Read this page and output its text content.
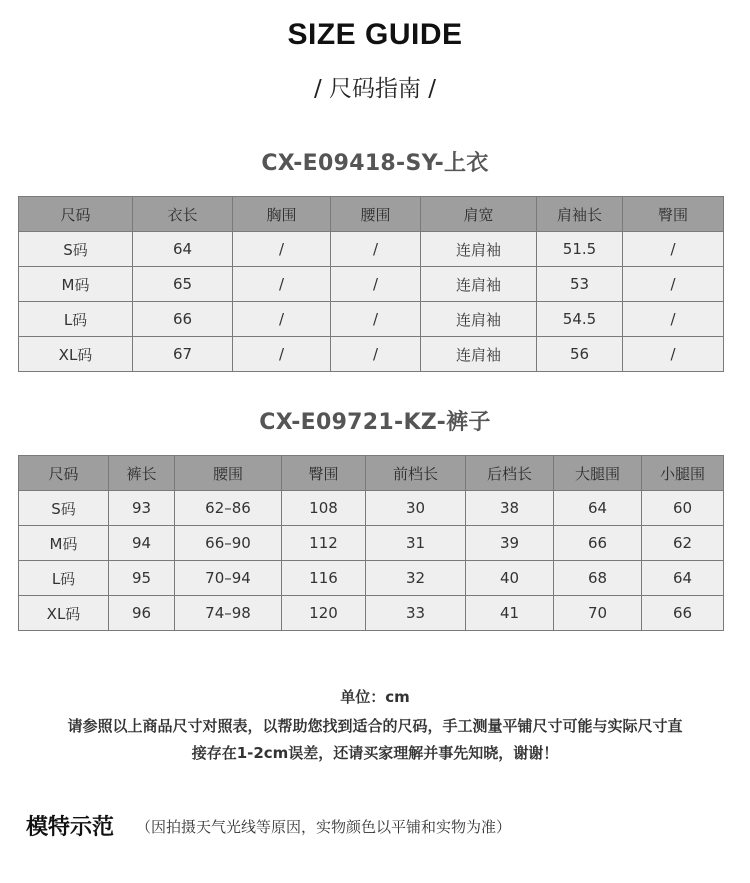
SIZE GUIDE
/ 尺码指南 /
CX-E09418-SY-上衣
尺码	衣长	胸围	腰围	肩宽	肩袖长	臀围
S码	64	/	/	连肩袖	51.5	/
M码	65	/	/	连肩袖	53	/
L码	66	/	/	连肩袖	54.5	/
XL码	67	/	/	连肩袖	56	/
CX-E09721-KZ-裤子
尺码	裤长	腰围	臀围	前档长	后档长	大腿围	小腿围
S码	93	62–86	108	30	38	64	60
M码	94	66–90	112	31	39	66	62
L码	95	70–94	116	32	40	68	64
XL码	96	74–98	120	33	41	70	66
单位：cm
请参照以上商品尺寸对照表，以帮助您找到适合的尺码，手工测量平铺尺寸可能与实际尺寸直
接存在1-2cm误差，还请买家理解并事先知晓，谢谢！
模特示范 （因拍摄天气光线等原因，实物颜色以平铺和实物为准）
